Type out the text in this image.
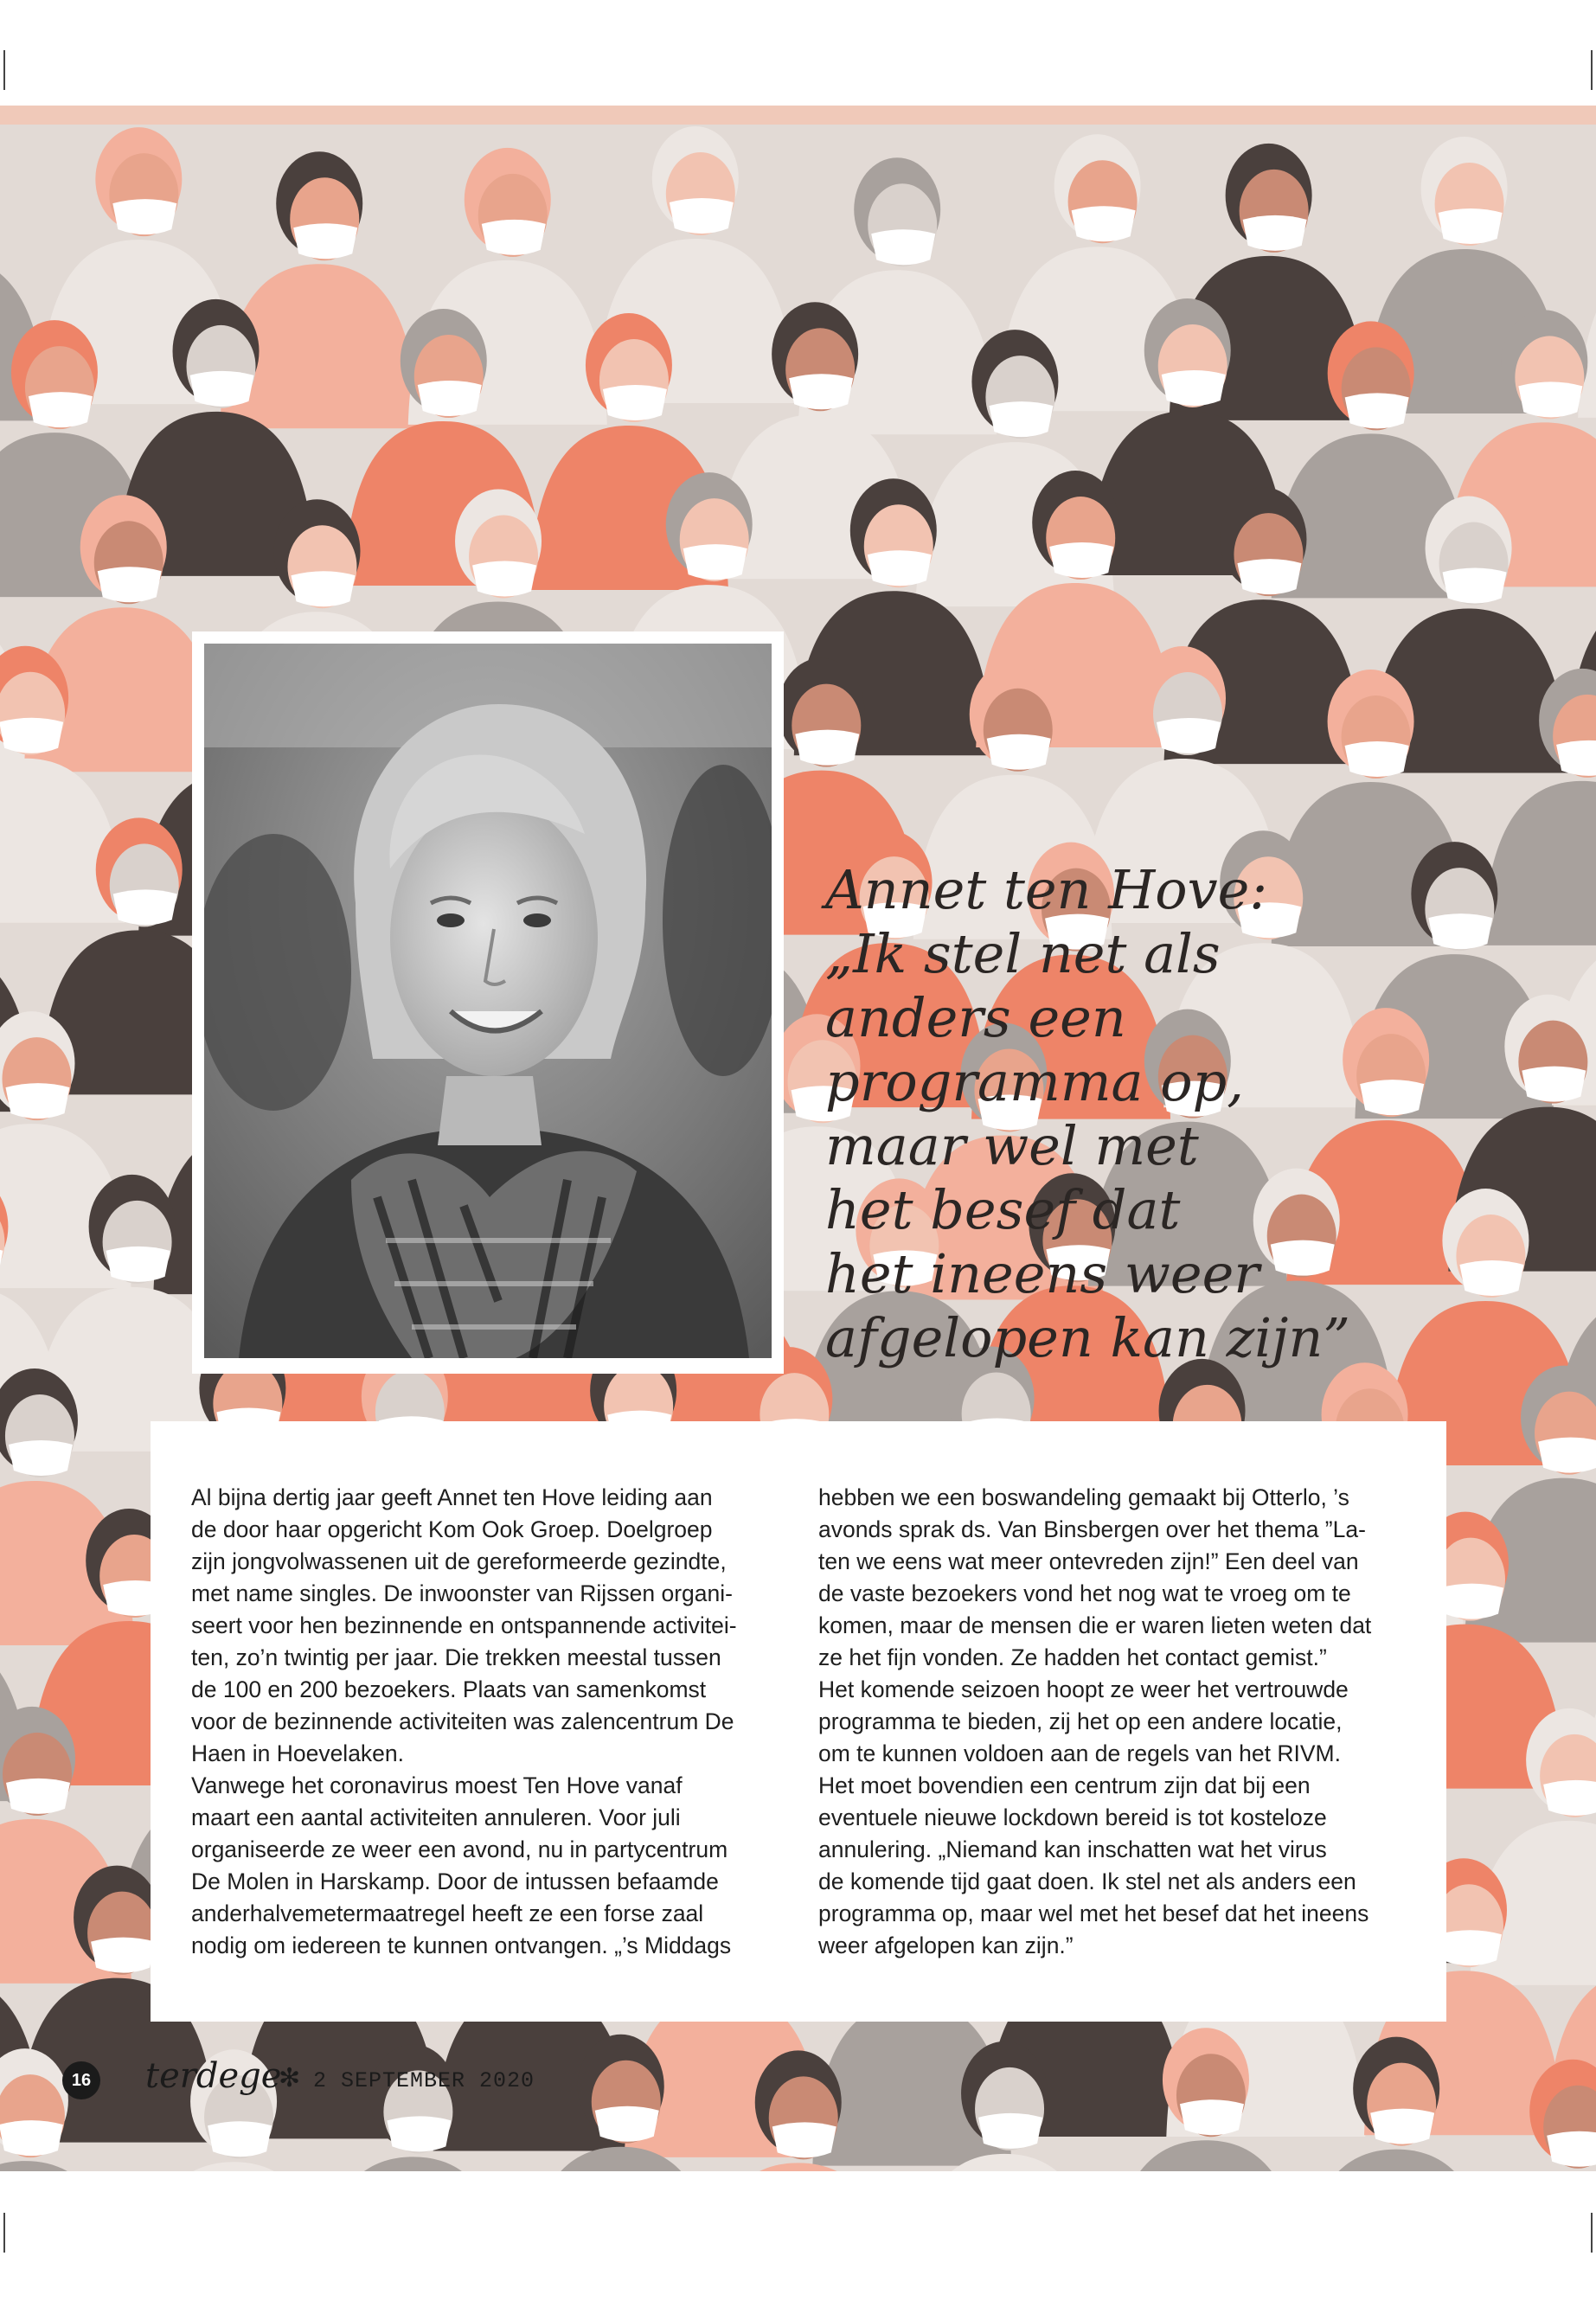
Annet ten Hove:
„Ik stel net als
anders een
programma op,
maar wel met
het besef dat
het ineens weer
afgelopen kan zijn”
Al bijna dertig jaar geeft Annet ten Hove leiding aan
de door haar opgericht Kom Ook Groep. Doelgroep
zijn jongvolwassenen uit de gereformeerde gezindte,
met name singles. De inwoonster van Rijssen organi-
seert voor hen bezinnende en ontspannende activitei-
ten, zo’n twintig per jaar. Die trekken meestal tussen
de 100 en 200 bezoekers. Plaats van samenkomst
voor de bezinnende activiteiten was zalencentrum De
Haen in Hoevelaken.
Vanwege het coronavirus moest Ten Hove vanaf
maart een aantal activiteiten annuleren. Voor juli
organiseerde ze weer een avond, nu in partycentrum
De Molen in Harskamp. Door de intussen befaamde
anderhalvemetermaatregel heeft ze een forse zaal
nodig om iedereen te kunnen ontvangen. „’s Middags
hebben we een boswandeling gemaakt bij Otterlo, ’s
avonds sprak ds. Van Binsbergen over het thema ”La-
ten we eens wat meer ontevreden zijn!” Een deel van
de vaste bezoekers vond het nog wat te vroeg om te
komen, maar de mensen die er waren lieten weten dat
ze het fijn vonden. Ze hadden het contact gemist.”
Het komende seizoen hoopt ze weer het vertrouwde
programma te bieden, zij het op een andere locatie,
om te kunnen voldoen aan de regels van het RIVM.
Het moet bovendien een centrum zijn dat bij een
eventuele nieuwe lockdown bereid is tot kosteloze
annulering. „Niemand kan inschatten wat het virus
de komende tijd gaat doen. Ik stel net als anders een
programma op, maar wel met het besef dat het ineens
weer afgelopen kan zijn.”
16 terdege
✻ 2 SEPTEMBER 2020
